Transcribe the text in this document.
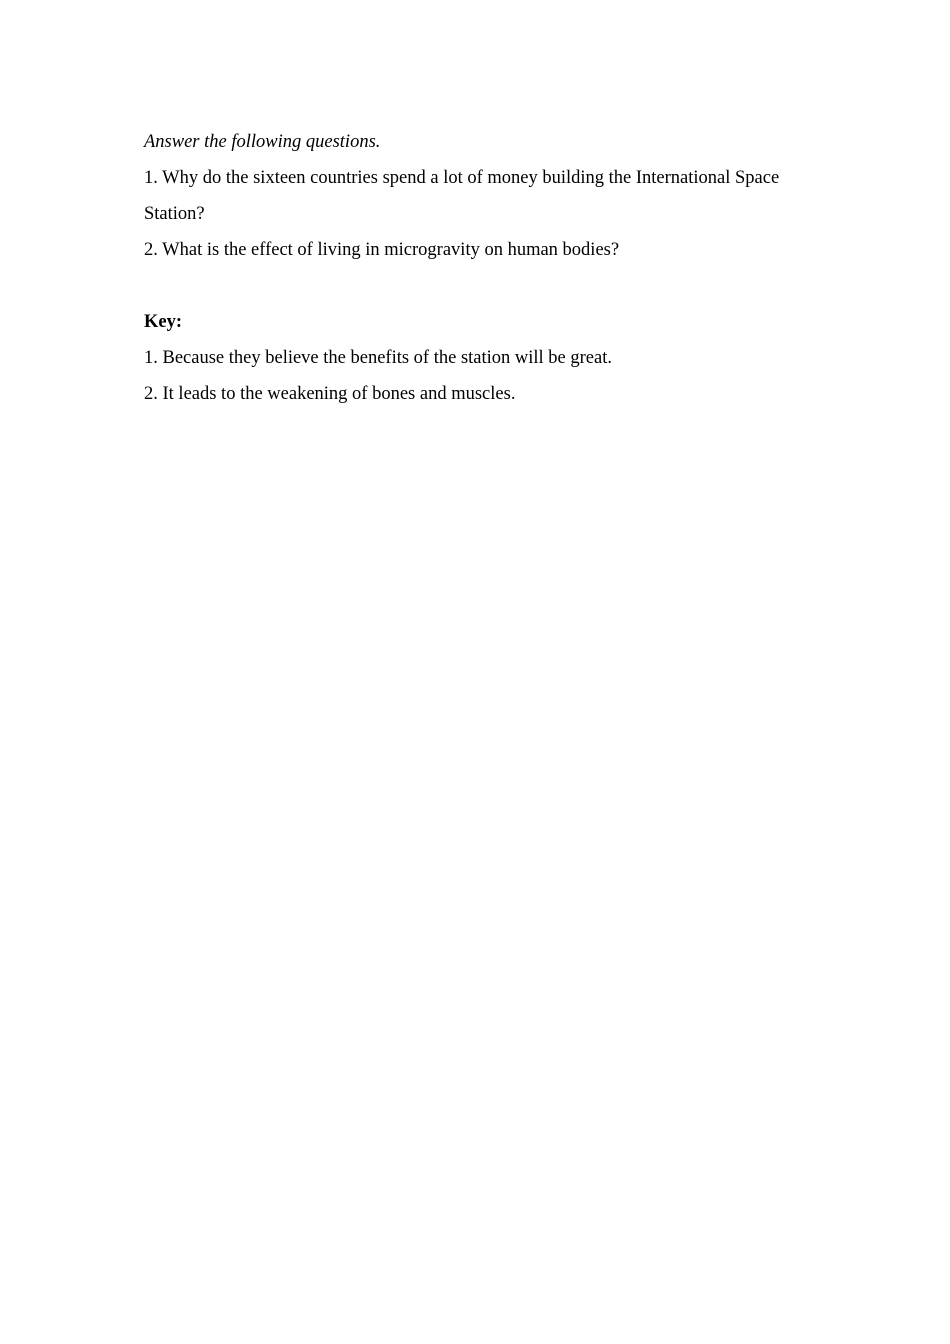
Answer the following questions.

1. Why do the sixteen countries spend a lot of money building the International Space Station?

2. What is the effect of living in microgravity on human bodies?

Key:

1. Because they believe the benefits of the station will be great.

2. It leads to the weakening of bones and muscles.
